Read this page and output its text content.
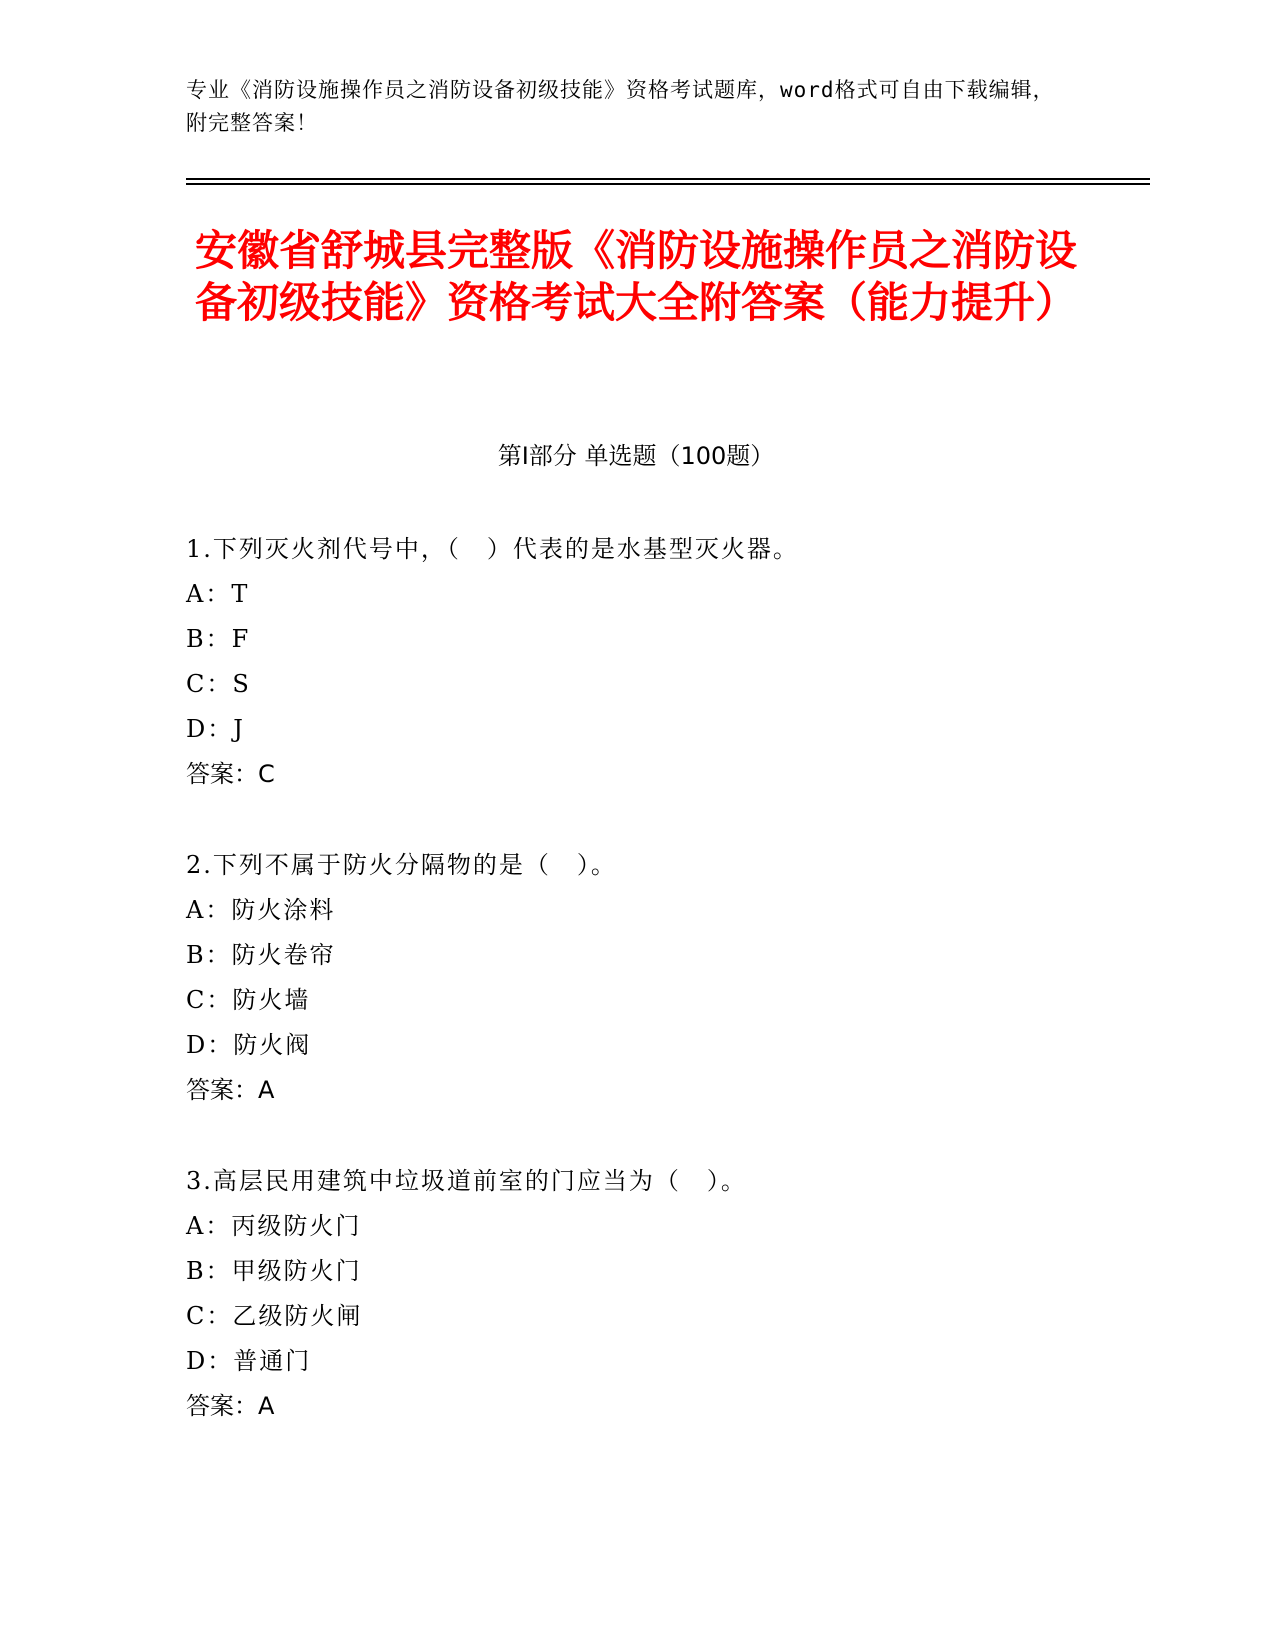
专业《消防设施操作员之消防设备初级技能》资格考试题库，word格式可自由下载编辑，附完整答案！
安徽省舒城县完整版《消防设施操作员之消防设备初级技能》资格考试大全附答案（能力提升）
第Ⅰ部分 单选题（100题）
1.下列灭火剂代号中，（　）代表的是水基型灭火器。
A：T
B：F
C：S
D：J
答案：C
2.下列不属于防火分隔物的是（　）。
A：防火涂料
B：防火卷帘
C：防火墙
D：防火阀
答案：A
3.高层民用建筑中垃圾道前室的门应当为（　）。
A：丙级防火门
B：甲级防火门
C：乙级防火闸
D：普通门
答案：A
